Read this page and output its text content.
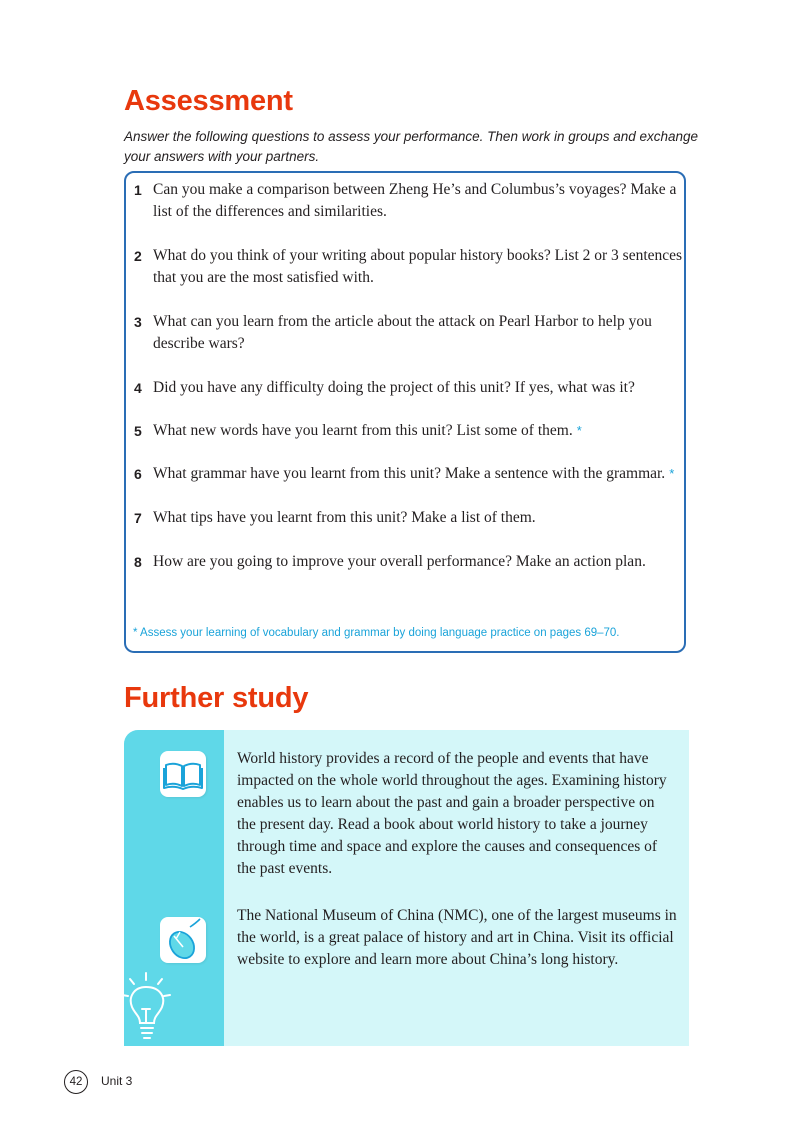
Assessment

Answer the following questions to assess your performance. Then work in groups and exchange your answers with your partners.

1 Can you make a comparison between Zheng He’s and Columbus’s voyages? Make a list of the differences and similarities.
2 What do you think of your writing about popular history books? List 2 or 3 sentences that you are the most satisfied with.
3 What can you learn from the article about the attack on Pearl Harbor to help you describe wars?
4 Did you have any difficulty doing the project of this unit? If yes, what was it?
5 What new words have you learnt from this unit? List some of them. *
6 What grammar have you learnt from this unit? Make a sentence with the grammar. *
7 What tips have you learnt from this unit? Make a list of them.
8 How are you going to improve your overall performance? Make an action plan.

* Assess your learning of vocabulary and grammar by doing language practice on pages 69–70.

Further study

World history provides a record of the people and events that have impacted on the whole world throughout the ages. Examining history enables us to learn about the past and gain a broader perspective on the present day. Read a book about world history to take a journey through time and space and explore the causes and consequences of the past events.

The National Museum of China (NMC), one of the largest museums in the world, is a great palace of history and art in China. Visit its official website to explore and learn more about China’s long history.

42	Unit 3
